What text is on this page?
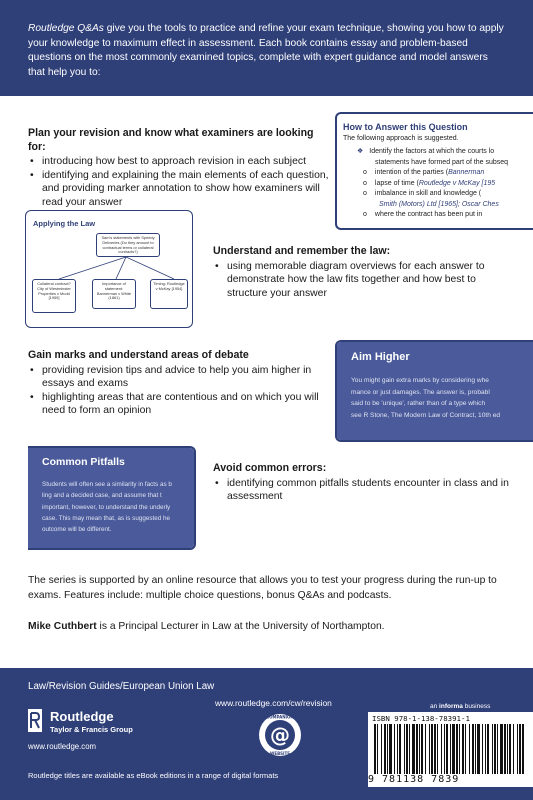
Routledge Q&As give you the tools to practice and refine your exam technique, showing you how to apply your knowledge to maximum effect in assessment. Each book contains essay and problem-based questions on the most commonly examined topics, complete with expert guidance and model answers that help you to:
Plan your revision and know what examiners are looking for:
• introducing how best to approach revision in each subject
• identifying and explaining the main elements of each question, and providing marker annotation to show how examiners will read your answer
How to Answer this Question
The following approach is suggested.
❖ Identify the factors at which the courts lo
statements have formed part of the subseq
o intention of the parties (Bannerman
o lapse of time (Routledge v McKay [195
o imbalance in skill and knowledge (
Smith (Motors) Ltd [1965]; Oscar Ches
o where the contract has been put in
Applying the Law
Sam's statements with Speedy Deliveries (Do they amount to contractual terms or collateral contracts?)
Collateral contract? City of Westminster Properties v Mudd [1959]
Importance of statement: Bannerman v White (1861)
Timing: Routledge v McKay [1954]
Understand and remember the law:
• using memorable diagram overviews for each answer to demonstrate how the law fits together and how best to structure your answer
Gain marks and understand areas of debate
• providing revision tips and advice to help you aim higher in essays and exams
• highlighting areas that are contentious and on which you will need to form an opinion
Aim Higher
You might gain extra marks by considering whe
mance or just damages. The answer is, probabl
said to be 'unique', rather than of a type which
see R Stone, The Modern Law of Contract, 10th ed
Common Pitfalls
Students will often see a similarity in facts as b
ling and a decided case, and assume that t
important, however, to understand the underly
case. This may mean that, as is suggested he
outcome will be different.
Avoid common errors:
• identifying common pitfalls students encounter in class and in assessment
The series is supported by an online resource that allows you to test your progress during the run-up to exams. Features include: multiple choice questions, bonus Q&As and podcasts.
Mike Cuthbert is a Principal Lecturer in Law at the University of Northampton.
Law/Revision Guides/European Union Law
www.routledge.com/cw/revision	an informa business
Routledge
Taylor & Francis Group
www.routledge.com
Routledge titles are available as eBook editions in a range of digital formats
@
COMPANION
WEBSITE
ISBN 978-1-138-78391-1
9 781138 7839
